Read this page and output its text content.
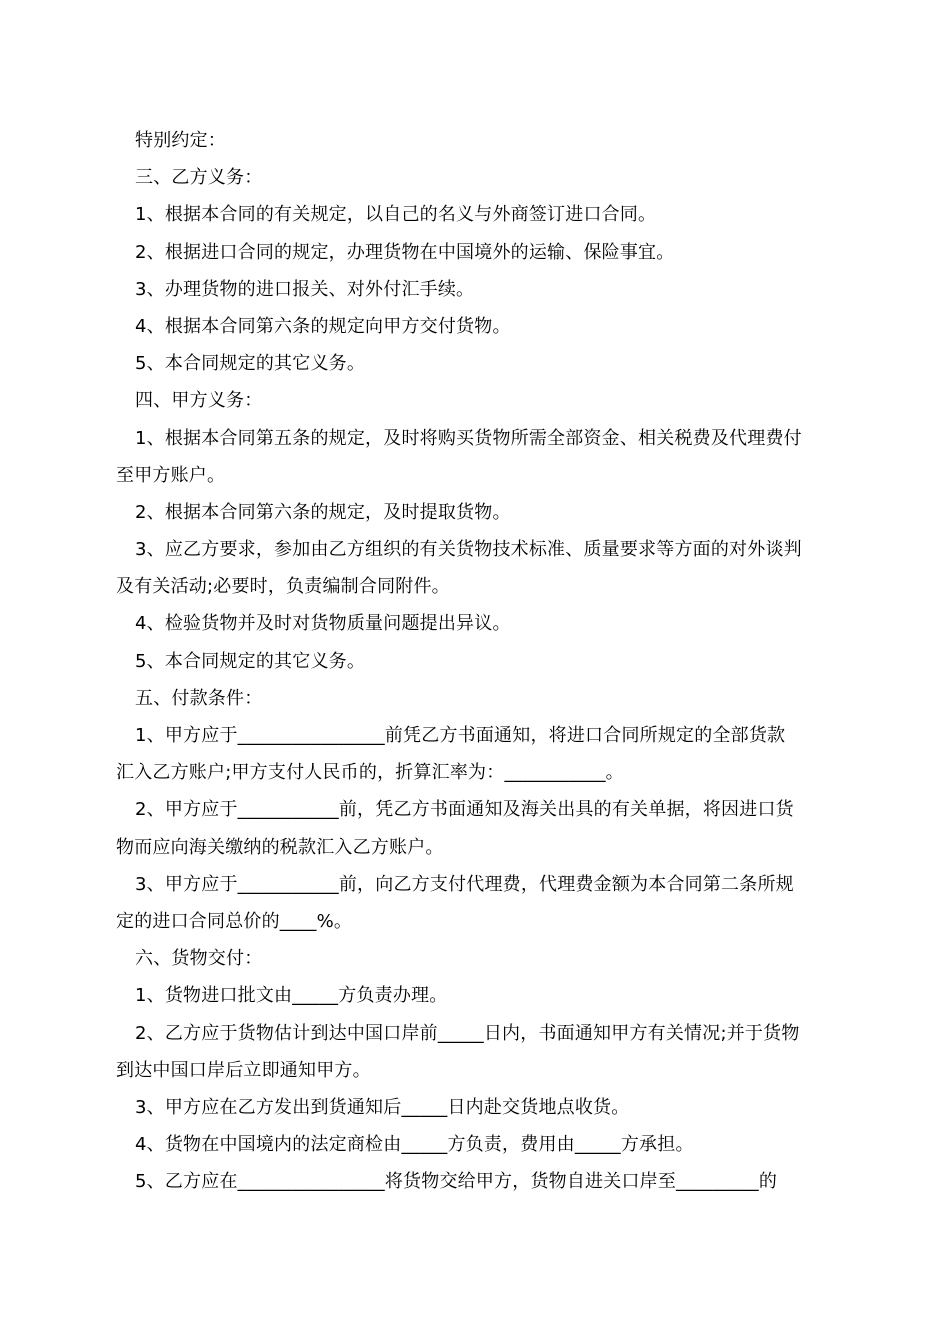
特别约定：
三、乙方义务：
1、根据本合同的有关规定，以自己的名义与外商签订进口合同。
2、根据进口合同的规定，办理货物在中国境外的运输、保险事宜。
3、办理货物的进口报关、对外付汇手续。
4、根据本合同第六条的规定向甲方交付货物。
5、本合同规定的其它义务。
四、甲方义务：
1、根据本合同第五条的规定，及时将购买货物所需全部资金、相关税费及代理费付
至甲方账户。
2、根据本合同第六条的规定，及时提取货物。
3、应乙方要求，参加由乙方组织的有关货物技术标准、质量要求等方面的对外谈判
及有关活动;必要时，负责编制合同附件。
4、检验货物并及时对货物质量问题提出异议。
5、本合同规定的其它义务。
五、付款条件：
1、甲方应于________________前凭乙方书面通知，将进口合同所规定的全部货款
汇入乙方账户;甲方支付人民币的，折算汇率为：___________。
2、甲方应于___________前，凭乙方书面通知及海关出具的有关单据，将因进口货
物而应向海关缴纳的税款汇入乙方账户。
3、甲方应于___________前，向乙方支付代理费，代理费金额为本合同第二条所规
定的进口合同总价的____%。
六、货物交付：
1、货物进口批文由_____方负责办理。
2、乙方应于货物估计到达中国口岸前_____日内，书面通知甲方有关情况;并于货物
到达中国口岸后立即通知甲方。
3、甲方应在乙方发出到货通知后_____日内赴交货地点收货。
4、货物在中国境内的法定商检由_____方负责，费用由_____方承担。
5、乙方应在________________将货物交给甲方，货物自进关口岸至_________的
